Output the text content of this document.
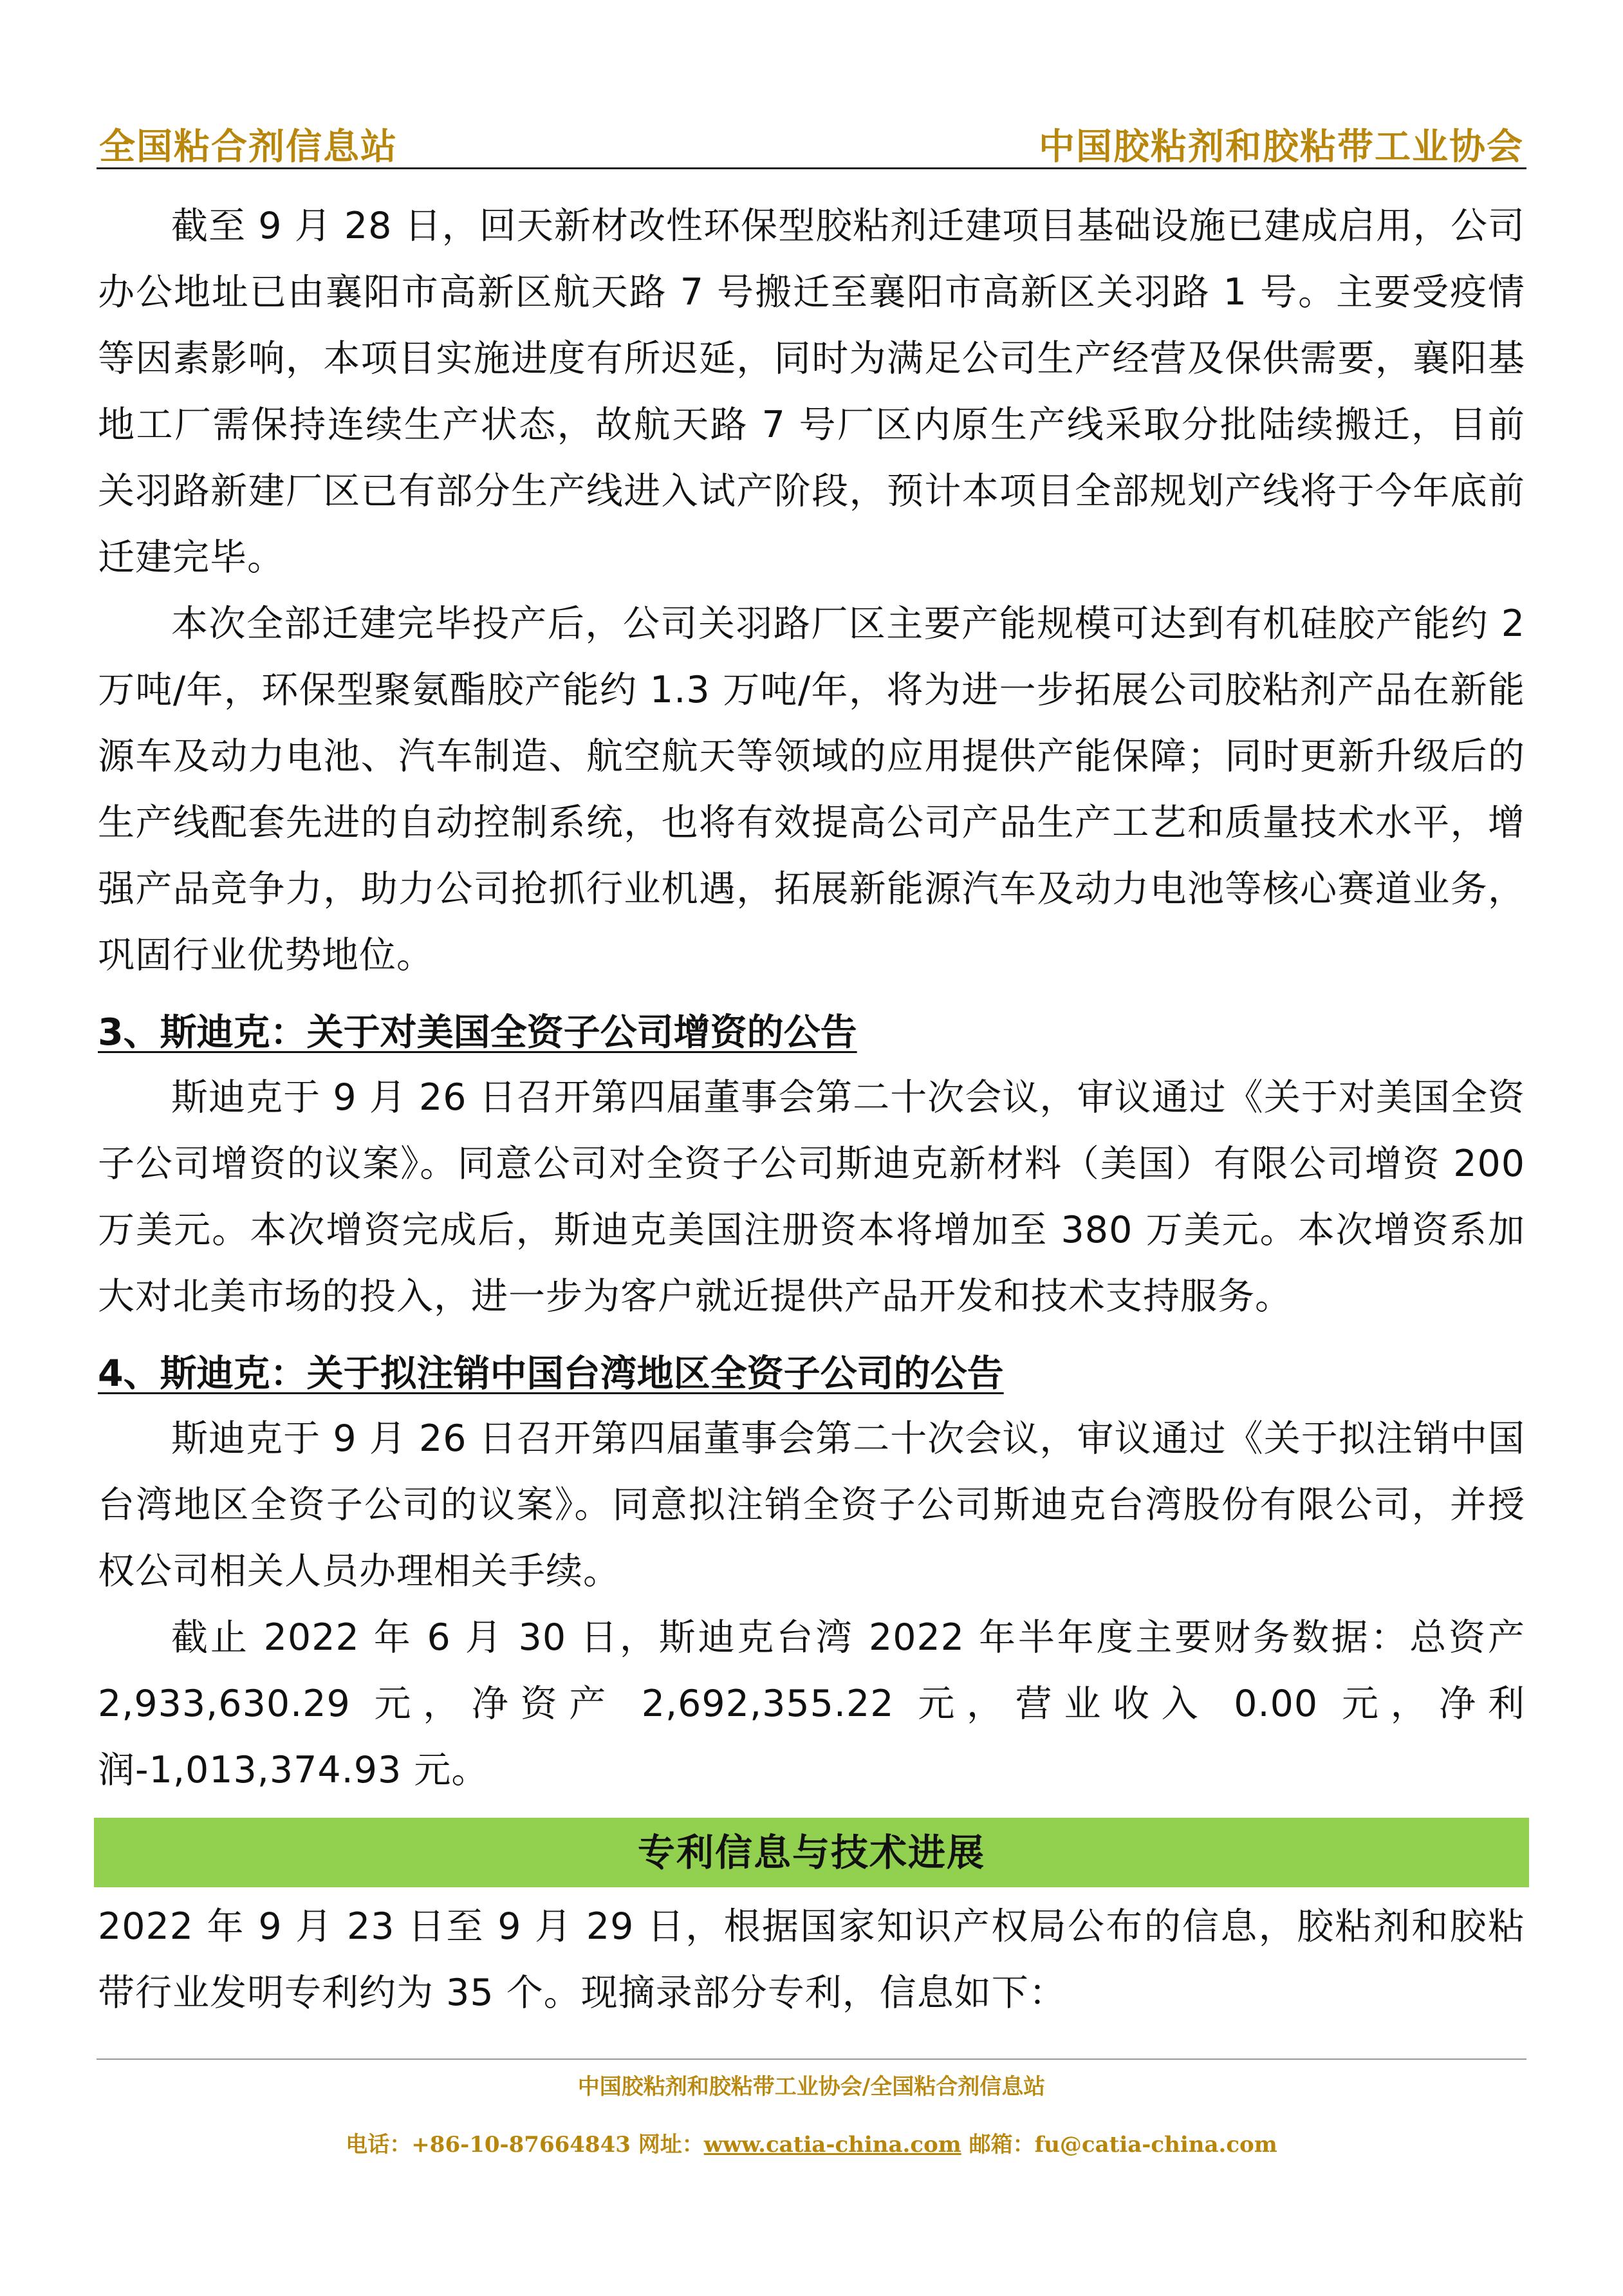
全国粘合剂信息站	中国胶粘剂和胶粘带工业协会

截至 9 月 28 日，回天新材改性环保型胶粘剂迁建项目基础设施已建成启用，公司办公地址已由襄阳市高新区航天路 7 号搬迁至襄阳市高新区关羽路 1 号。主要受疫情等因素影响，本项目实施进度有所迟延，同时为满足公司生产经营及保供需要，襄阳基地工厂需保持连续生产状态，故航天路 7 号厂区内原生产线采取分批陆续搬迁，目前关羽路新建厂区已有部分生产线进入试产阶段，预计本项目全部规划产线将于今年底前迁建完毕。

本次全部迁建完毕投产后，公司关羽路厂区主要产能规模可达到有机硅胶产能约 2 万吨/年，环保型聚氨酯胶产能约 1.3 万吨/年，将为进一步拓展公司胶粘剂产品在新能源车及动力电池、汽车制造、航空航天等领域的应用提供产能保障；同时更新升级后的生产线配套先进的自动控制系统，也将有效提高公司产品生产工艺和质量技术水平，增强产品竞争力，助力公司抢抓行业机遇，拓展新能源汽车及动力电池等核心赛道业务，巩固行业优势地位。

3、斯迪克：关于对美国全资子公司增资的公告

斯迪克于 9 月 26 日召开第四届董事会第二十次会议，审议通过《关于对美国全资子公司增资的议案》。同意公司对全资子公司斯迪克新材料（美国）有限公司增资 200 万美元。本次增资完成后，斯迪克美国注册资本将增加至 380 万美元。本次增资系加大对北美市场的投入，进一步为客户就近提供产品开发和技术支持服务。

4、斯迪克：关于拟注销中国台湾地区全资子公司的公告

斯迪克于 9 月 26 日召开第四届董事会第二十次会议，审议通过《关于拟注销中国台湾地区全资子公司的议案》。同意拟注销全资子公司斯迪克台湾股份有限公司，并授权公司相关人员办理相关手续。

截止 2022 年 6 月 30 日，斯迪克台湾 2022 年半年度主要财务数据：总资产 2,933,630.29 元，净资产 2,692,355.22 元，营业收入 0.00 元，净利润-1,013,374.93 元。

专利信息与技术进展

2022 年 9 月 23 日至 9 月 29 日，根据国家知识产权局公布的信息，胶粘剂和胶粘带行业发明专利约为 35 个。现摘录部分专利，信息如下：

中国胶粘剂和胶粘带工业协会/全国粘合剂信息站
电话：+86-10-87664843 网址：www.catia-china.com 邮箱：fu@catia-china.com
